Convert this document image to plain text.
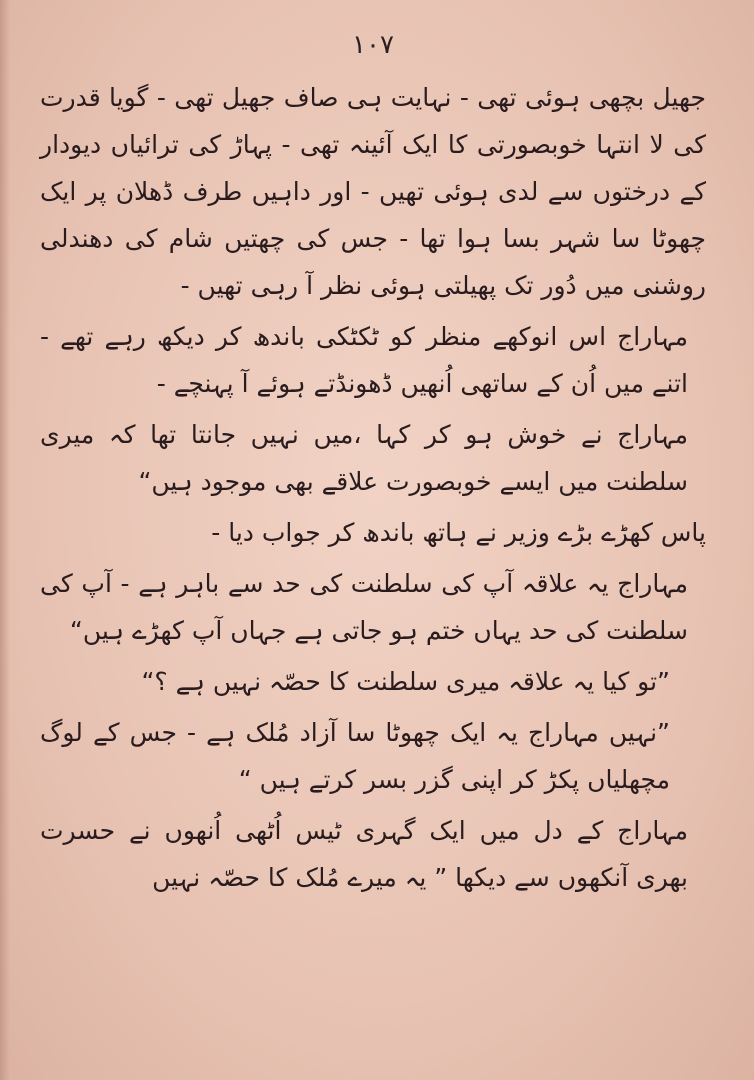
۱۰۷

جھیل بچھی ہوئی تھی - نہایت ہی صاف جھیل تھی - گویا قدرت کی لا انتہا خوبصورتی کا ایک آئینہ تھی - پہاڑ کی ترائیاں دیودار کے درختوں سے لدی ہوئی تھیں - اور داہیں طرف ڈھلان پر ایک چھوٹا سا شہر بسا ہوا تھا - جس کی چھتیں شام کی دھندلی روشنی میں دُور تک پھیلتی ہوئی نظر آ رہی تھیں -

مہاراج اس انوکھے منظر کو ٹکٹکی باندھ کر دیکھ رہے تھے - اتنے میں اُن کے ساتھی اُنھیں ڈھونڈتے ہوئے آ پہنچے -

مہاراج نے خوش ہو کر کہا ،میں نہیں جانتا تھا کہ میری سلطنت میں ایسے خوبصورت علاقے بھی موجود ہیں“

پاس کھڑے بڑے وزیر نے ہاتھ باندھ کر جواب دیا -

مہاراج یہ علاقہ آپ کی سلطنت کی حد سے باہر ہے - آپ کی سلطنت کی حد یہاں ختم ہو جاتی ہے جہاں آپ کھڑے ہیں“

”تو کیا یہ علاقہ میری سلطنت کا حصّہ نہیں ہے ؟“

”نہیں مہاراج یہ ایک چھوٹا سا آزاد مُلک ہے - جس کے لوگ مچھلیاں پکڑ کر اپنی گزر بسر کرتے ہیں “

مہاراج کے دل میں ایک گہری ٹیس اُٹھی اُنھوں نے حسرت بھری آنکھوں سے دیکھا ” یہ میرے مُلک کا حصّہ نہیں
